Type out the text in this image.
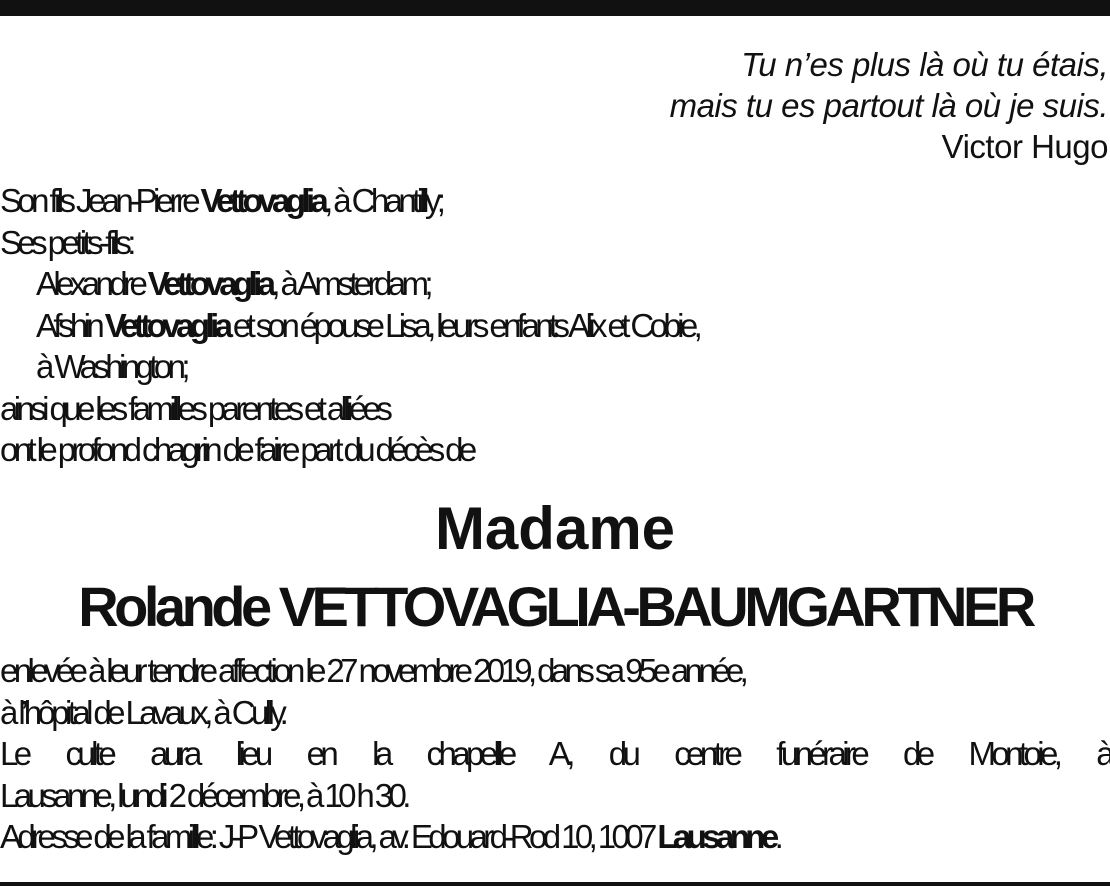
Tu n’es plus là où tu étais,
mais tu es partout là où je suis.
Victor Hugo
Son fils Jean-Pierre Vettovaglia, à Chantilly;
Ses petits-fils:
Alexandre Vettovaglia, à Amsterdam;
Afshin Vettovaglia et son épouse Lisa, leurs enfants Alix et Cobie,
à Washington;
ainsi que les familles parentes et alliées
ont le profond chagrin de faire part du décès de
Madame
Rolande VETTOVAGLIA-BAUMGARTNER
enlevée à leur tendre affection le 27 novembre 2019, dans sa 95e année,
à l’hôpital de Lavaux, à Cully.
Le culte aura lieu en la chapelle A, du centre funéraire de Montoie, à
Lausanne, lundi 2 décembre, à 10 h 30.
Adresse de la famille: J-P Vettovaglia, av. Edouard-Rod 10, 1007 Lausanne.
